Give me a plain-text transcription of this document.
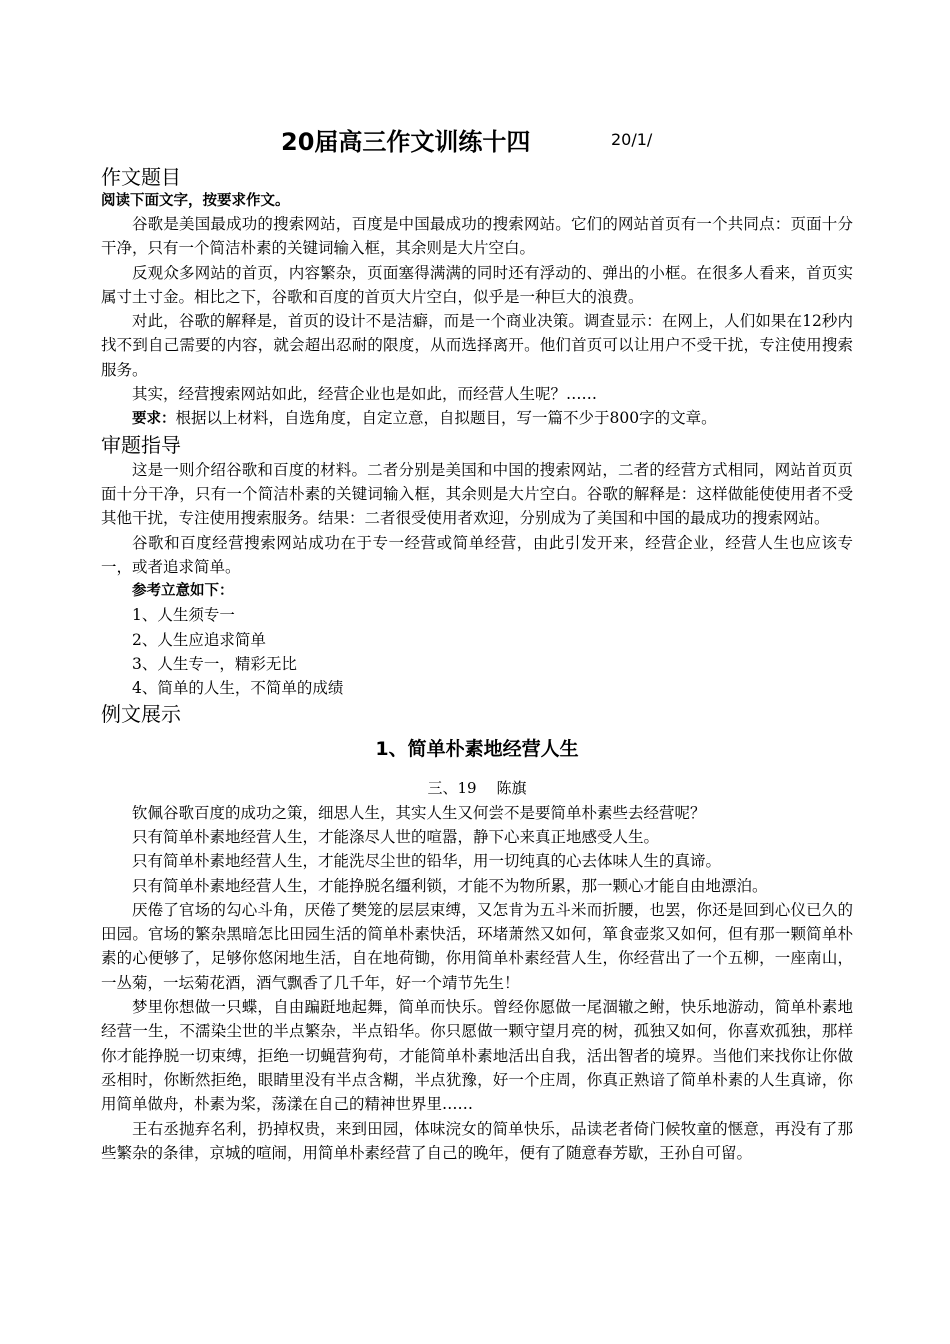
20届高三作文训练十四	20/1/
作文题目
阅读下面文字，按要求作文。

谷歌是美国最成功的搜索网站，百度是中国最成功的搜索网站。它们的网站首页有一个共同点：页面十分干净，只有一个简洁朴素的关键词输入框，其余则是大片空白。

反观众多网站的首页，内容繁杂，页面塞得满满的同时还有浮动的、弹出的小框。在很多人看来，首页实属寸土寸金。相比之下，谷歌和百度的首页大片空白，似乎是一种巨大的浪费。

对此，谷歌的解释是，首页的设计不是洁癖，而是一个商业决策。调查显示：在网上，人们如果在12秒内找不到自己需要的内容，就会超出忍耐的限度，从而选择离开。他们首页可以让用户不受干扰，专注使用搜索服务。

其实，经营搜索网站如此，经营企业也是如此，而经营人生呢？……

要求：根据以上材料，自选角度，自定立意，自拟题目，写一篇不少于800字的文章。

审题指导

这是一则介绍谷歌和百度的材料。二者分别是美国和中国的搜索网站，二者的经营方式相同，网站首页页面十分干净，只有一个简洁朴素的关键词输入框，其余则是大片空白。谷歌的解释是：这样做能使使用者不受其他干扰，专注使用搜索服务。结果：二者很受使用者欢迎，分别成为了美国和中国的最成功的搜索网站。

谷歌和百度经营搜索网站成功在于专一经营或简单经营，由此引发开来，经营企业，经营人生也应该专一，或者追求简单。

参考立意如下：
1、人生须专一
2、人生应追求简单
3、人生专一，精彩无比
4、简单的人生，不简单的成绩
例文展示
1、简单朴素地经营人生
三、19 陈旗

钦佩谷歌百度的成功之策，细思人生，其实人生又何尝不是要简单朴素些去经营呢？

只有简单朴素地经营人生，才能涤尽人世的喧嚣，静下心来真正地感受人生。

只有简单朴素地经营人生，才能洗尽尘世的铅华，用一切纯真的心去体味人生的真谛。

只有简单朴素地经营人生，才能挣脱名缰利锁，才能不为物所累，那一颗心才能自由地漂泊。

厌倦了官场的勾心斗角，厌倦了樊笼的层层束缚，又怎肯为五斗米而折腰，也罢，你还是回到心仪已久的田园。官场的繁杂黑暗怎比田园生活的简单朴素快活，环堵萧然又如何，箪食壶浆又如何，但有那一颗简单朴素的心便够了，足够你悠闲地生活，自在地荷锄，你用简单朴素经营人生，你经营出了一个五柳，一座南山，一丛菊，一坛菊花酒，酒气飘香了几千年，好一个靖节先生！

梦里你想做一只蝶，自由蹁跹地起舞，简单而快乐。曾经你愿做一尾涸辙之鲋，快乐地游动，简单朴素地经营一生，不濡染尘世的半点繁杂，半点铅华。你只愿做一颗守望月亮的树，孤独又如何，你喜欢孤独，那样你才能挣脱一切束缚，拒绝一切蝇营狗苟，才能简单朴素地活出自我，活出智者的境界。当他们来找你让你做丞相时，你断然拒绝，眼睛里没有半点含糊，半点犹豫，好一个庄周，你真正熟谙了简单朴素的人生真谛，你用简单做舟，朴素为桨，荡漾在自己的精神世界里……

王右丞抛弃名利，扔掉权贵，来到田园，体味浣女的简单快乐，品读老者倚门候牧童的惬意，再没有了那些繁杂的条律，京城的喧闹，用简单朴素经营了自己的晚年，便有了随意春芳歇，王孙自可留。
